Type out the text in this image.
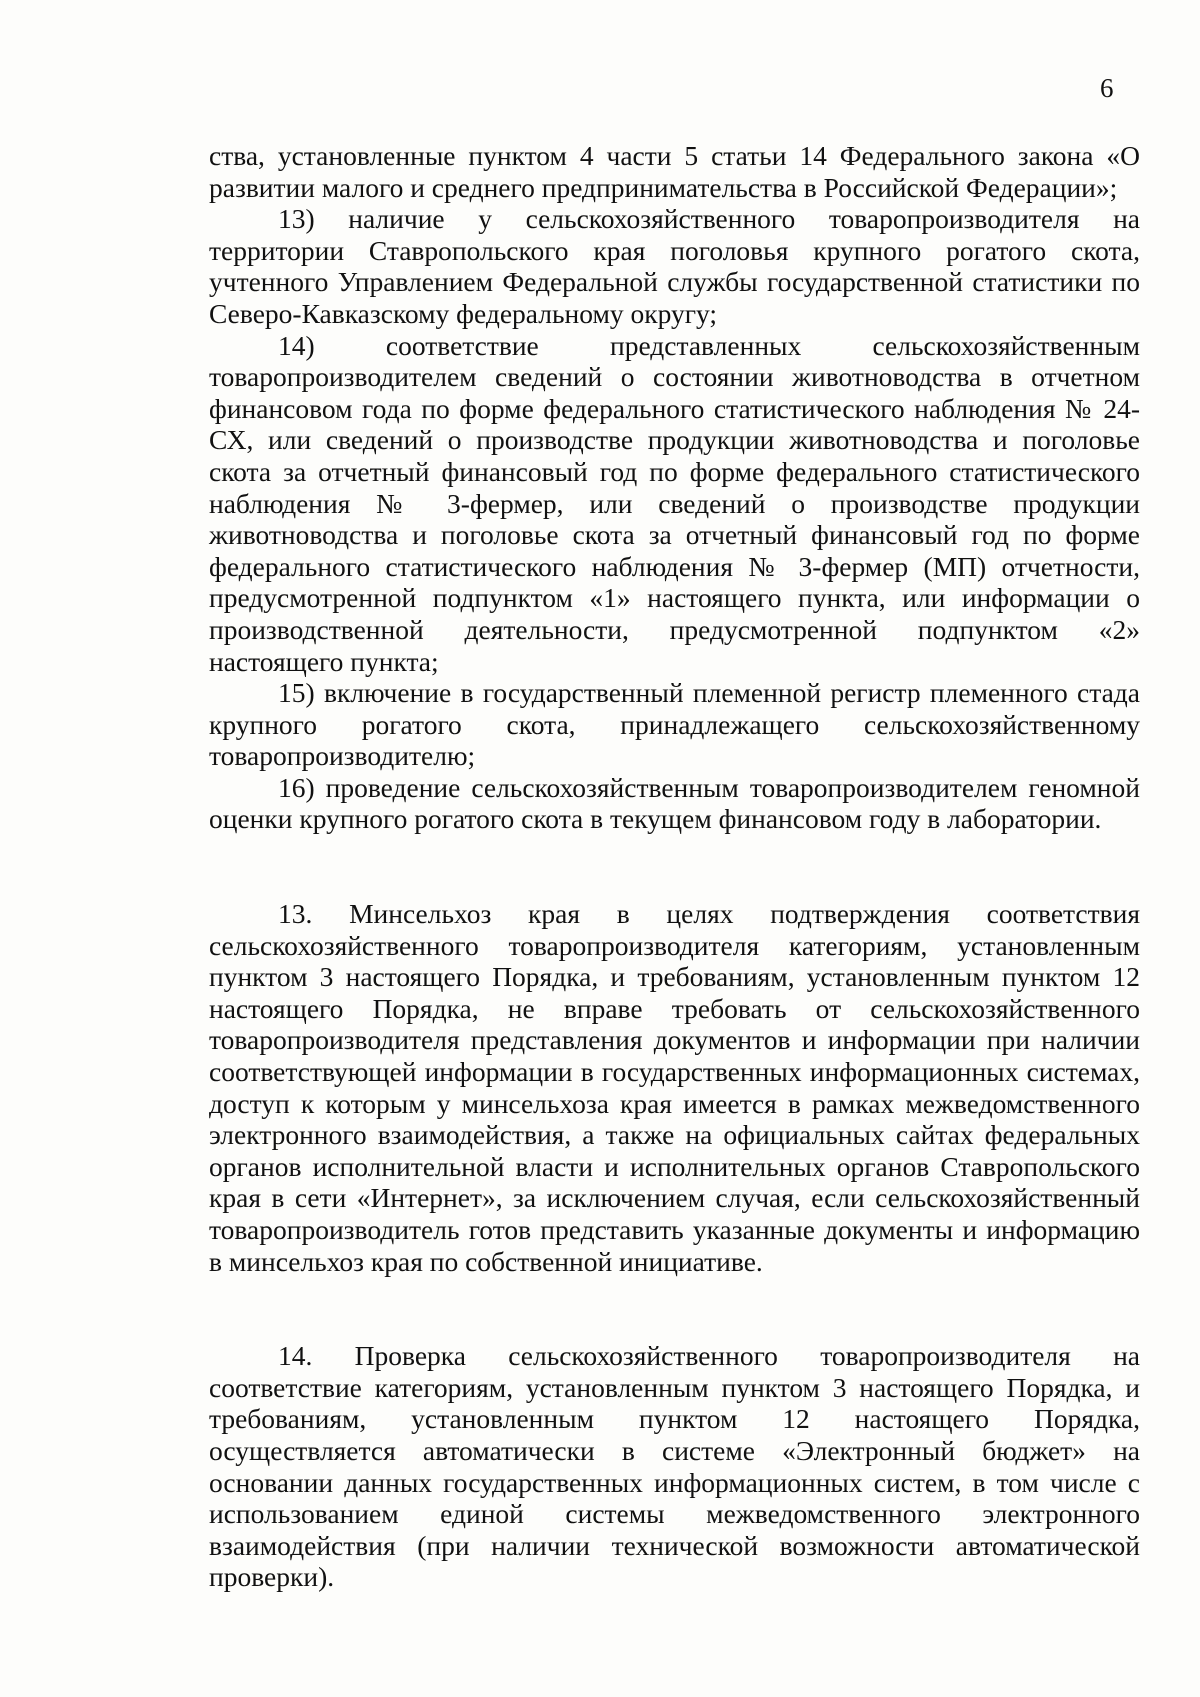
6

ства, установленные пунктом 4 части 5 статьи 14 Федерального закона «О развитии малого и среднего предпринимательства в Российской Федерации»;

13) наличие у сельскохозяйственного товаропроизводителя на территории Ставропольского края поголовья крупного рогатого скота, учтенного Управлением Федеральной службы государственной статистики по Северо-Кавказскому федеральному округу;

14) соответствие представленных сельскохозяйственным товаропроизводителем сведений о состоянии животноводства в отчетном финансовом года по форме федерального статистического наблюдения № 24-СХ, или сведений о производстве продукции животноводства и поголовье скота за отчетный финансовый год по форме федерального статистического наблюдения № 3-фермер, или сведений о производстве продукции животноводства и поголовье скота за отчетный финансовый год по форме федерального статистического наблюдения № 3-фермер (МП) отчетности, предусмотренной подпунктом «1» настоящего пункта, или информации о производственной деятельности, предусмотренной подпунктом «2» настоящего пункта;

15) включение в государственный племенной регистр племенного стада крупного рогатого скота, принадлежащего сельскохозяйственному товаропроизводителю;

16) проведение сельскохозяйственным товаропроизводителем геномной оценки крупного рогатого скота в текущем финансовом году в лаборатории.

13. Минсельхоз края в целях подтверждения соответствия сельскохозяйственного товаропроизводителя категориям, установленным пунктом 3 настоящего Порядка, и требованиям, установленным пунктом 12 настоящего Порядка, не вправе требовать от сельскохозяйственного товаропроизводителя представления документов и информации при наличии соответствующей информации в государственных информационных системах, доступ к которым у минсельхоза края имеется в рамках межведомственного электронного взаимодействия, а также на официальных сайтах федеральных органов исполнительной власти и исполнительных органов Ставропольского края в сети «Интернет», за исключением случая, если сельскохозяйственный товаропроизводитель готов представить указанные документы и информацию в минсельхоз края по собственной инициативе.

14. Проверка сельскохозяйственного товаропроизводителя на соответствие категориям, установленным пунктом 3 настоящего Порядка, и требованиям, установленным пунктом 12 настоящего Порядка, осуществляется автоматически в системе «Электронный бюджет» на основании данных государственных информационных систем, в том числе с использованием единой системы межведомственного электронного взаимодействия (при наличии технической возможности автоматической проверки).
